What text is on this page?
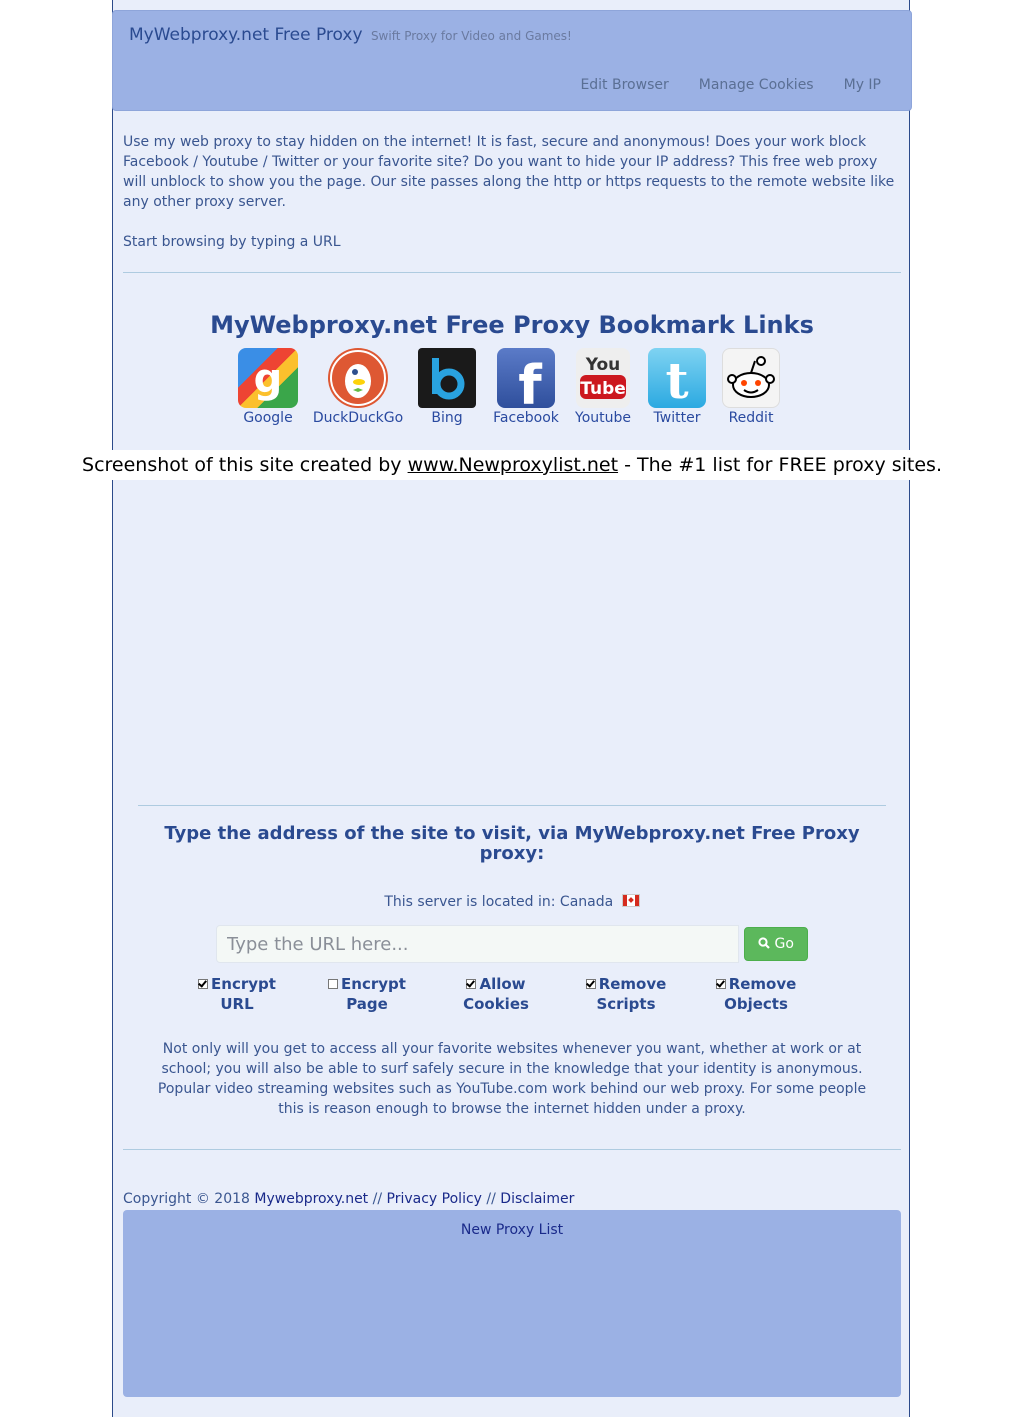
MyWebproxy.net Free Proxy Swift Proxy for Video and Games!
Edit Browser Manage Cookies My IP

Use my web proxy to stay hidden on the internet! It is fast, secure and anonymous! Does your work block Facebook / Youtube / Twitter or your favorite site? Do you want to hide your IP address? This free web proxy will unblock to show you the page. Our site passes along the http or https requests to the remote website like any other proxy server.

Start browsing by typing a URL

MyWebproxy.net Free Proxy Bookmark Links
g
Google	DuckDuckGo	Bing
f
Facebook
You
Tube
Youtube
t
Twitter	Reddit
Screenshot of this site created by www.Newproxylist.net - The #1 list for FREE proxy sites.
Type the address of the site to visit, via MyWebproxy.net Free Proxy proxy:
This server is located in: Canada
Type the URL here...
Go
Encrypt
URL
Encrypt
Page
Allow
Cookies
Remove
Scripts
Remove
Objects
Not only will you get to access all your favorite websites whenever you want, whether at work or at school; you will also be able to surf safely secure in the knowledge that your identity is anonymous. Popular video streaming websites such as YouTube.com work behind our web proxy. For some people this is reason enough to browse the internet hidden under a proxy.
Copyright © 2018 Mywebproxy.net // Privacy Policy // Disclaimer
New Proxy List
